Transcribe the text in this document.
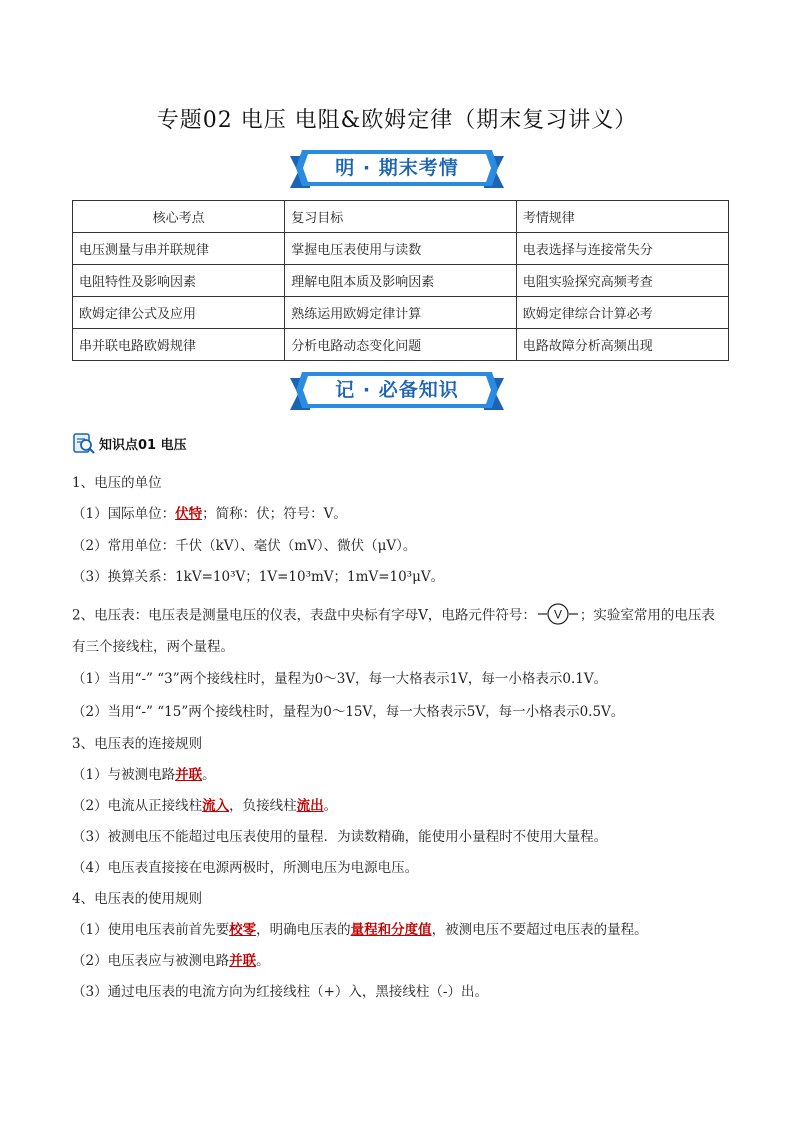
专题02 电压 电阻&欧姆定律（期末复习讲义）
明 · 期末考情
核心考点	复习目标	考情规律
电压测量与串并联规律	掌握电压表使用与读数	电表选择与连接常失分
电阻特性及影响因素	理解电阻本质及影响因素	电阻实验探究高频考查
欧姆定律公式及应用	熟练运用欧姆定律计算	欧姆定律综合计算必考
串并联电路欧姆规律	分析电路动态变化问题	电路故障分析高频出现
记 · 必备知识
知识点01 电压
1、电压的单位
（1）国际单位：伏特；简称：伏；符号：V。
（2）常用单位：千伏（kV）、毫伏（mV）、微伏（μV）。
（3）换算关系：1kV=10³V；1V=10³mV；1mV=10³μV。
2、电压表：电压表是测量电压的仪表，表盘中央标有字母V，电路元件符号： V ；实验室常用的电压表
有三个接线柱，两个量程。
（1）当用“-” “3”两个接线柱时，量程为0～3V，每一大格表示1V，每一小格表示0.1V。
（2）当用“-” “15”两个接线柱时，量程为0～15V，每一大格表示5V，每一小格表示0.5V。
3、电压表的连接规则
（1）与被测电路并联。
（2）电流从正接线柱流入，负接线柱流出。
（3）被测电压不能超过电压表使用的量程．为读数精确，能使用小量程时不使用大量程。
（4）电压表直接接在电源两极时，所测电压为电源电压。
4、电压表的使用规则
（1）使用电压表前首先要校零，明确电压表的量程和分度值，被测电压不要超过电压表的量程。
（2）电压表应与被测电路并联。
（3）通过电压表的电流方向为红接线柱（+）入，黑接线柱（-）出。
